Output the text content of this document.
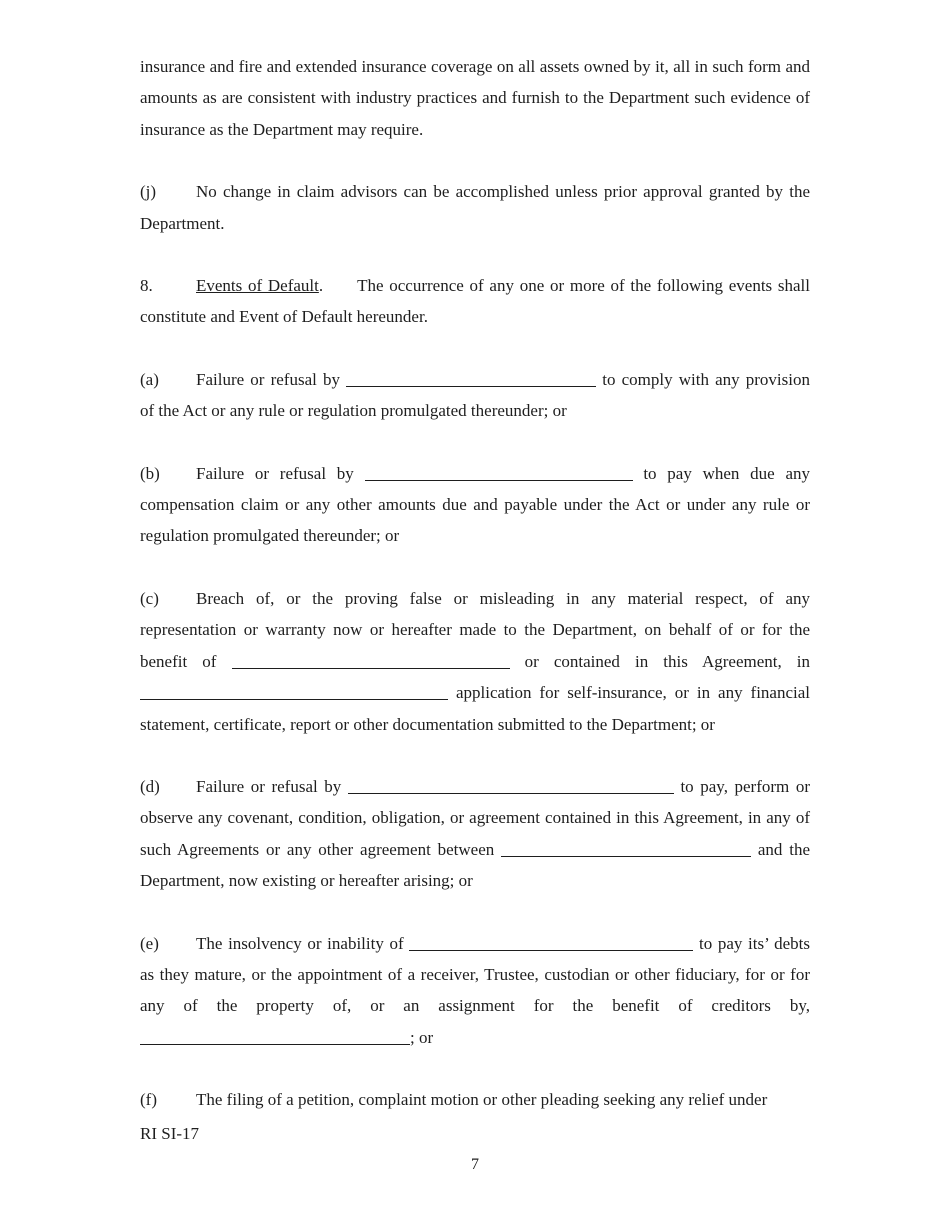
insurance and fire and extended insurance coverage on all assets owned by it, all in such form and amounts as are consistent with industry practices and furnish to the Department such evidence of insurance as the Department may require.

(j) No change in claim advisors can be accomplished unless prior approval granted by the Department.

8.	Events of Default. The occurrence of any one or more of the following events shall constitute and Event of Default hereunder.

(a) Failure or refusal by	to comply with any provision of the Act or any rule or regulation promulgated thereunder; or

(b) Failure or refusal by	to pay when due any compensation claim or any other amounts due and payable under the Act or under any rule or regulation promulgated thereunder; or

(c) Breach of, or the proving false or misleading in any material respect, of any representation or warranty now or hereafter made to the Department, on behalf of or for the benefit of	or contained in this Agreement, in  application for self-insurance, or in any financial statement, certificate, report or other documentation submitted to the Department; or

(d) Failure or refusal by	to pay, perform or observe any covenant, condition, obligation, or agreement contained in this Agreement, in any of such Agreements or any other agreement between	and the Department, now existing or hereafter arising; or

(e) The insolvency or inability of	to pay its’ debts as they mature, or the appointment of a receiver, Trustee, custodian or other fiduciary, for or for any of the property of, or an assignment for the benefit of creditors by, ; or

(f) The filing of a petition, complaint motion or other pleading seeking any relief under

RI SI-17
7
